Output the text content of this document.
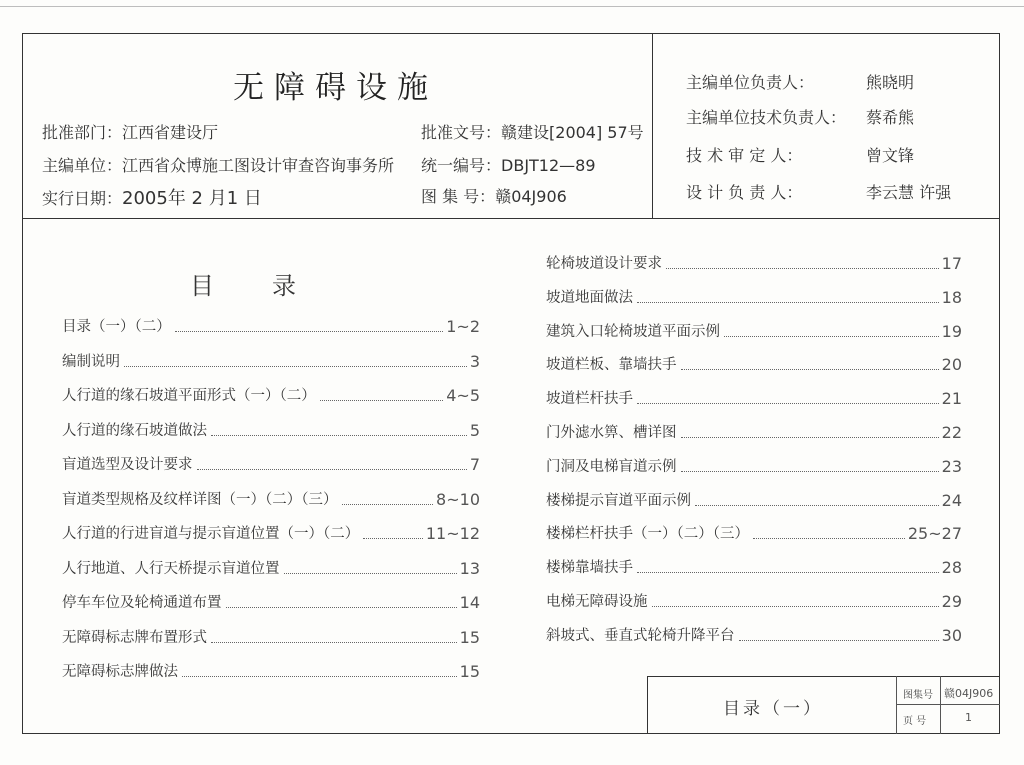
无障碍设施
批准部门：江西省建设厅
主编单位：江西省众博施工图设计审查咨询事务所
实行日期：2005年 2 月1 日
批准文号：赣建设[2004] 57号
统一编号：DBJT12—89
图 集 号：赣04J906
主编单位负责人：	熊晓明
主编单位技术负责人： 蔡希熊
技 术 审 定 人：	曾文锋
设 计 负 责 人：	李云慧 许强
目录
目录（一）（二）	1~2
编制说明	3
人行道的缘石坡道平面形式（一）（二）	4~5
人行道的缘石坡道做法	5
盲道选型及设计要求	7
盲道类型规格及纹样详图（一）（二）（三）	8~10
人行道的行进盲道与提示盲道位置（一）（二）	11~12
人行地道、人行天桥提示盲道位置	13
停车车位及轮椅通道布置	14
无障碍标志牌布置形式	15
无障碍标志牌做法	15
轮椅坡道设计要求	17
坡道地面做法	18
建筑入口轮椅坡道平面示例	19
坡道栏板、靠墙扶手	20
坡道栏杆扶手	21
门外滤水箅、槽详图	22
门洞及电梯盲道示例	23
楼梯提示盲道平面示例	24
楼梯栏杆扶手（一）（二）（三）	25~27
楼梯靠墙扶手	28
电梯无障碍设施	29
斜坡式、垂直式轮椅升降平台	30
目录（一）
图集号 赣04J906
页 号	1
